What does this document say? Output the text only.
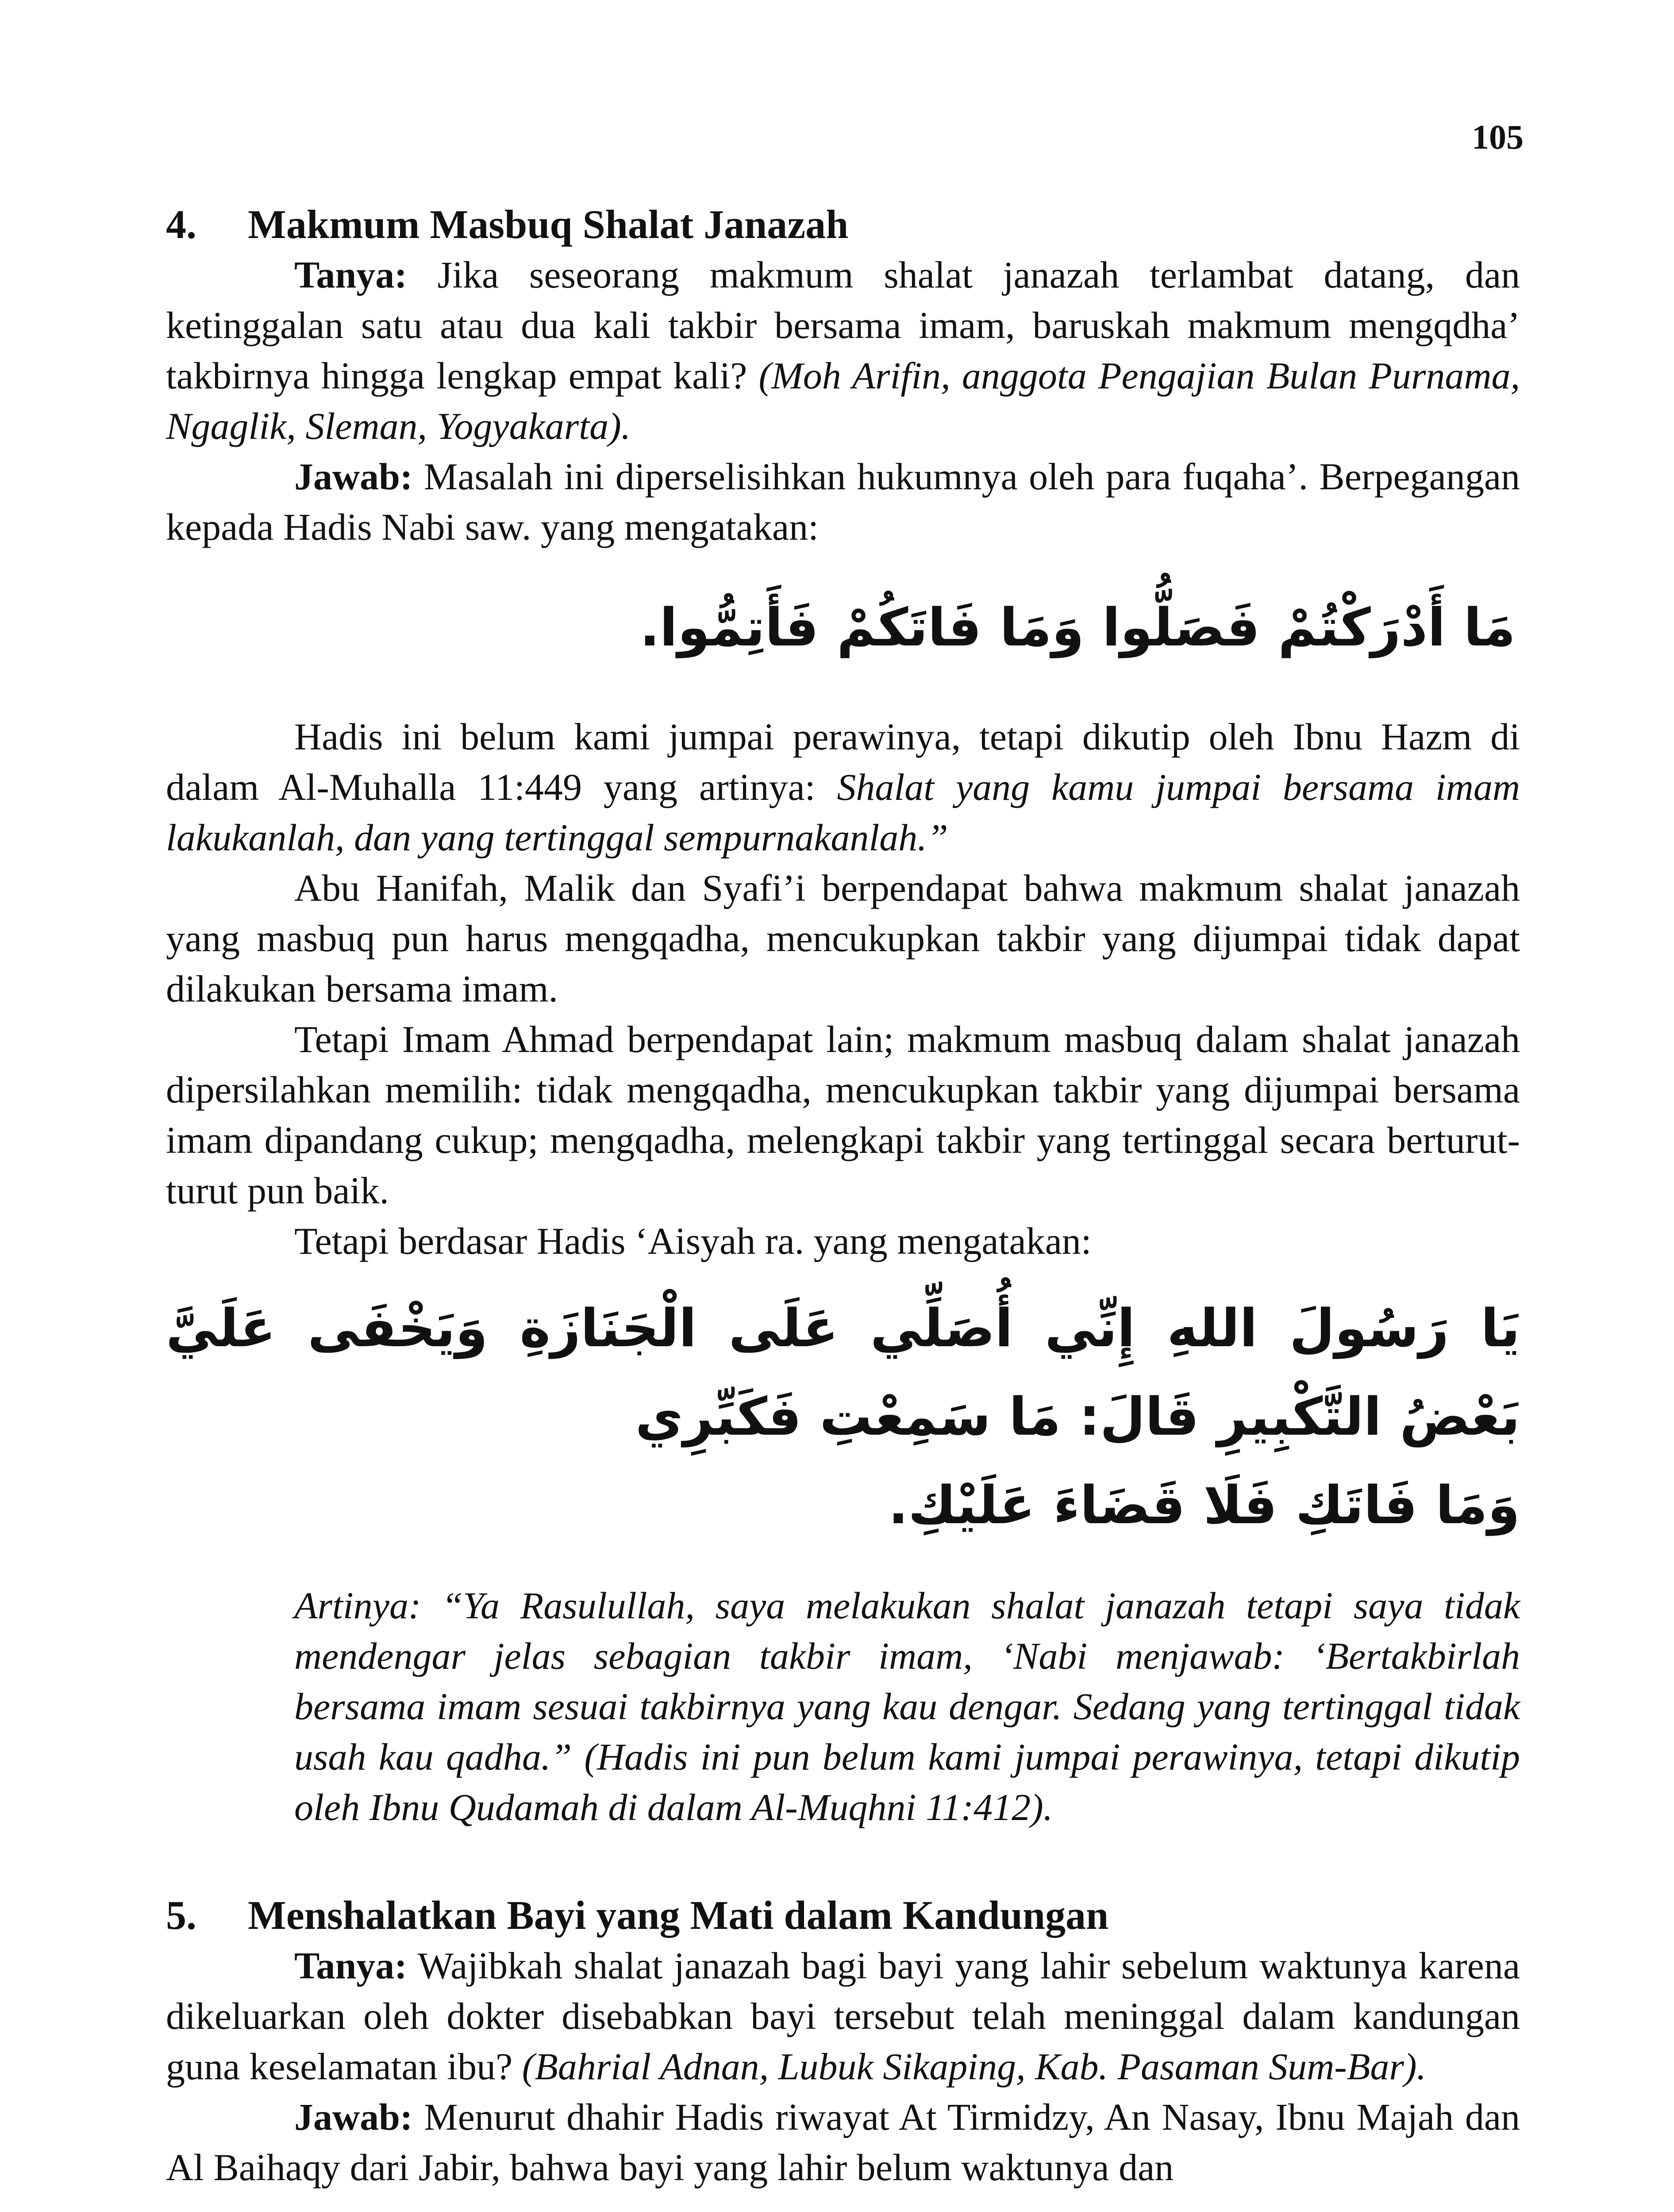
105
4.	Makmum Masbuq Shalat Janazah

Tanya: Jika seseorang makmum shalat janazah terlambat datang, dan ketinggalan satu atau dua kali takbir bersama imam, baruskah makmum mengqdha’ takbirnya hingga lengkap empat kali? (Moh Arifin, anggota Pengajian Bulan Purnama, Ngaglik, Sleman, Yogyakarta).

Jawab: Masalah ini diperselisihkan hukumnya oleh para fuqaha’. Berpegangan kepada Hadis Nabi saw. yang mengatakan:

مَا أَدْرَكْتُمْ فَصَلُّوا وَمَا فَاتَكُمْ فَأَتِمُّوا.

Hadis ini belum kami jumpai perawinya, tetapi dikutip oleh Ibnu Hazm di dalam Al-Muhalla 11:449 yang artinya: Shalat yang kamu jumpai bersama imam lakukanlah, dan yang tertinggal sempurnakanlah.”

Abu Hanifah, Malik dan Syafi’i berpendapat bahwa makmum shalat janazah yang masbuq pun harus mengqadha, mencukupkan takbir yang dijumpai tidak dapat dilakukan bersama imam.

Tetapi Imam Ahmad berpendapat lain; makmum masbuq dalam shalat janazah dipersilahkan memilih: tidak mengqadha, mencukupkan takbir yang dijumpai bersama imam dipandang cukup; mengqadha, melengkapi takbir yang tertinggal secara berturut-turut pun baik.

Tetapi berdasar Hadis ‘Aisyah ra. yang mengatakan:

يَا رَسُولَ اللهِ إِنِّي أُصَلِّي عَلَى الْجَنَازَةِ وَيَخْفَى عَلَيَّ بَعْضُ التَّكْبِيرِ قَالَ: مَا سَمِعْتِ فَكَبِّرِي

وَمَا فَاتَكِ فَلَا قَضَاءَ عَلَيْكِ.

Artinya: “Ya Rasulullah, saya melakukan shalat janazah tetapi saya tidak mendengar jelas sebagian takbir imam, ‘Nabi menjawab: ‘Bertakbirlah bersama imam sesuai takbirnya yang kau dengar. Sedang yang tertinggal tidak usah kau qadha.” (Hadis ini pun belum kami jumpai perawinya, tetapi dikutip oleh Ibnu Qudamah di dalam Al-Muqhni 11:412).

5.	Menshalatkan Bayi yang Mati dalam Kandungan

Tanya: Wajibkah shalat janazah bagi bayi yang lahir sebelum waktunya karena dikeluarkan oleh dokter disebabkan bayi tersebut telah meninggal dalam kandungan guna keselamatan ibu? (Bahrial Adnan, Lubuk Sikaping, Kab. Pasaman Sum-Bar).

Jawab: Menurut dhahir Hadis riwayat At Tirmidzy, An Nasay, Ibnu Majah dan Al Baihaqy dari Jabir, bahwa bayi yang lahir belum waktunya dan
